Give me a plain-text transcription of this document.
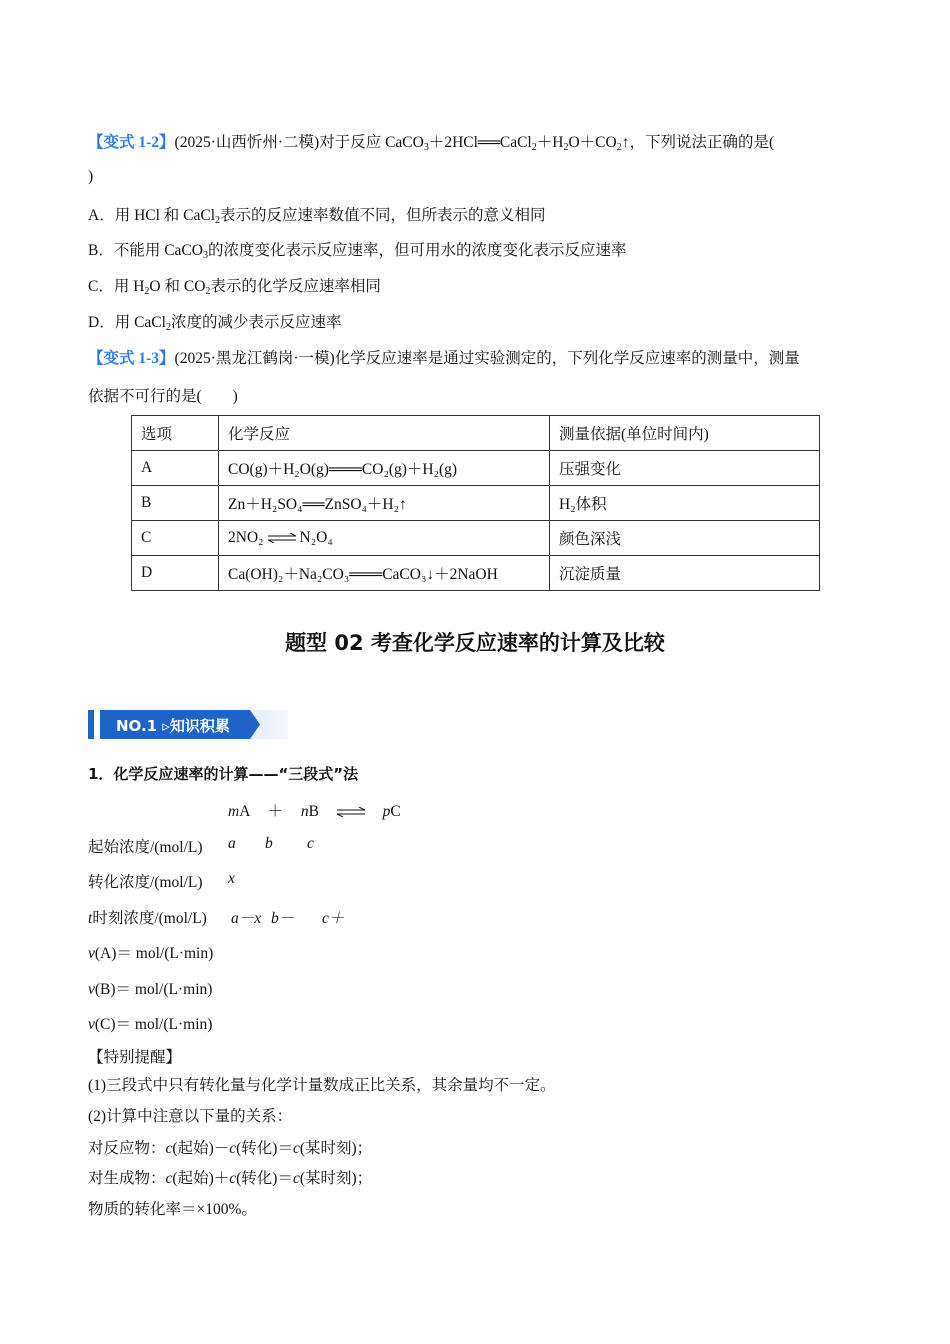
【变式 1-2】(2025·山西忻州·二模)对于反应 $CaCO_3+2HCl══CaCl_2+H_2O+CO_2↑$，下列说法正确的是(
)
A．用 HCl 和 CaCl$_2$表示的反应速率数值不同，但所表示的意义相同
B．不能用 CaCO$_3$的浓度变化表示反应速率，但可用水的浓度变化表示反应速率
C．用 $H_2O$ 和 $CO_2$表示的化学反应速率相同
D．用 CaCl$_2$浓度的减少表示反应速率
【变式 1-3】(2025·黑龙江鹤岗·一模)化学反应速率是通过实验测定的，下列化学反应速率的测量中，测量
依据不可行的是(　　)
选项	化学反应	测量依据(单位时间内)
A	CO(g)＋H₂O(g)═══CO₂(g)＋H₂(g)	压强变化
B	Zn＋H₂SO₄══ZnSO₄＋H₂↑	H₂体积
C	2NO₂ ⇌ N₂O₄	颜色深浅
D	Ca(OH)₂＋Na₂CO₃═══CaCO₃↓＋2NaOH	沉淀质量
题型 02 考查化学反应速率的计算及比较
NO.1 ▹知识积累
1．化学反应速率的计算——“三段式”法
mA ＋ nB ⇌ pC
起始浓度/(mol/L) a b c
转化浓度/(mol/L) x
t时刻浓度/(mol/L) a－x b－ c＋
v(A)＝ mol/(L·min)
v(B)＝ mol/(L·min)
v(C)＝ mol/(L·min)
【特别提醒】
(1)三段式中只有转化量与化学计量数成正比关系，其余量均不一定。
(2)计算中注意以下量的关系：
对反应物：c(起始)－c(转化)＝c(某时刻)；
对生成物：c(起始)＋c(转化)＝c(某时刻)；
物质的转化率＝×100%。
